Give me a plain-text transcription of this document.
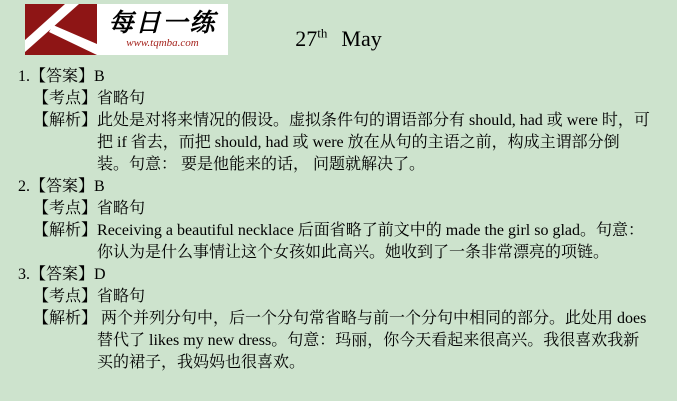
每日一练
www.tqmba.com	27th May
1.【答案】B
【考点】省略句
【解析】此处是对将来情况的假设。虚拟条件句的谓语部分有 should, had 或 were 时，可把 if 省去，而把 should, had 或 were 放在从句的主语之前，构成主谓部分倒装。句意： 要是他能来的话， 问题就解决了。
2.【答案】B
【考点】省略句
【解析】Receiving a beautiful necklace 后面省略了前文中的 made the girl so glad。句意： 你认为是什么事情让这个女孩如此高兴。她收到了一条非常漂亮的项链。
3.【答案】D
【考点】省略句
【解析】 两个并列分句中，后一个分句常省略与前一个分句中相同的部分。此处用 does 替代了 likes my new dress。句意：玛丽，你今天看起来很高兴。我很喜欢我新买的裙子，我妈妈也很喜欢。
